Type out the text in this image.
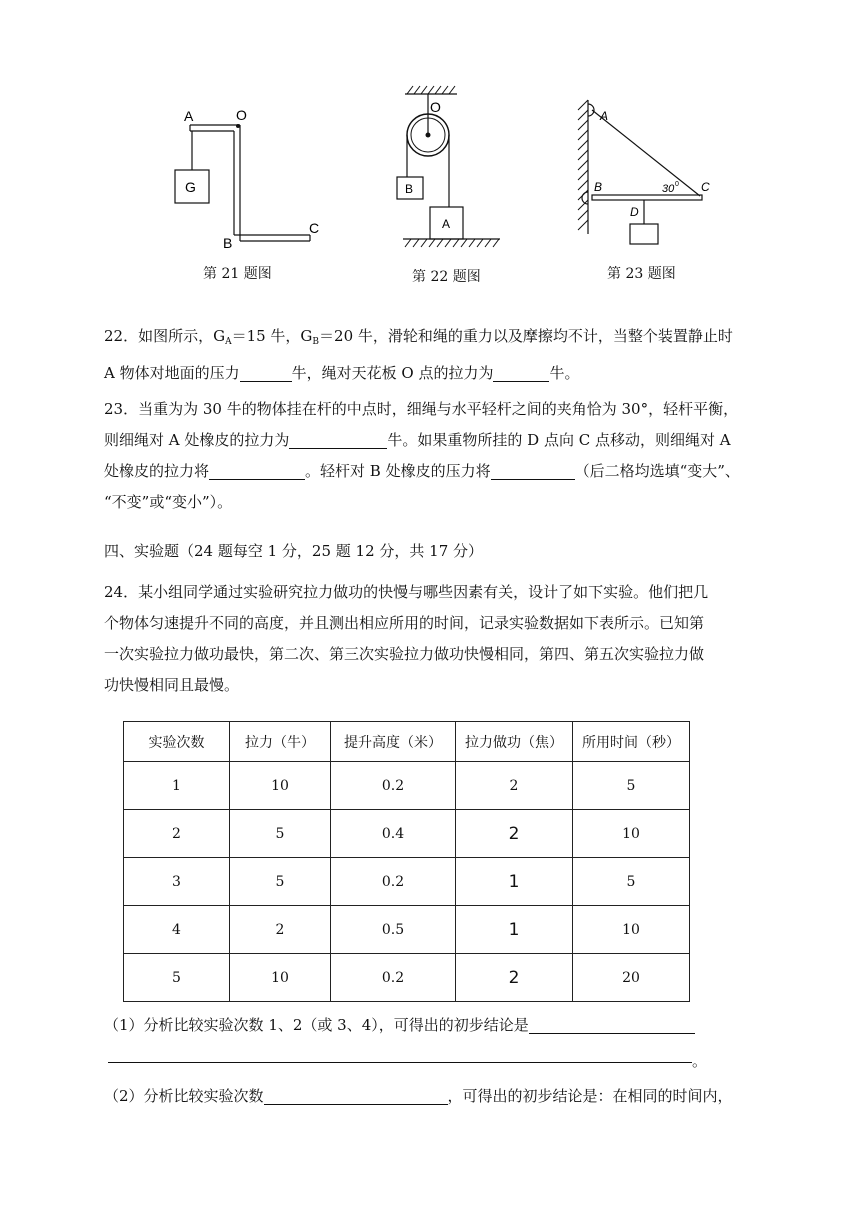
A	O
G
B
C
第 21 题图
O
B
A
第 22 题图
A
B	30 0 C
D
第 23 题图
22．如图所示，$G_A=15$ 牛，$G_B=20$ 牛，滑轮和绳的重力以及摩擦均不计，当整个装置静止时
A 物体对地面的压力	牛，绳对天花板 O 点的拉力为	牛。
23．当重为为 30 牛的物体挂在杆的中点时，细绳与水平轻杆之间的夹角恰为 30°，轻杆平衡，
则细绳对 A 处橡皮的拉力为	牛。如果重物所挂的 D 点向 C 点移动，则细绳对 A
处橡皮的拉力将	。轻杆对 B 处橡皮的压力将	（后二格均选填“变大”、
“不变”或“变小”）。
四、实验题（24 题每空 1 分，25 题 12 分，共 17 分）
24．某小组同学通过实验研究拉力做功的快慢与哪些因素有关，设计了如下实验。他们把几
个物体匀速提升不同的高度，并且测出相应所用的时间，记录实验数据如下表所示。已知第
一次实验拉力做功最快，第二次、第三次实验拉力做功快慢相同，第四、第五次实验拉力做
功快慢相同且最慢。
实验次数	拉力（牛）	提升高度（米）	拉力做功（焦）	所用时间（秒）
1	10	0.2	2	5
2	5	0.4	2	10
3	5	0.2	1	5
4	2	0.5	1	10
5	10	0.2	2	20
（1）分析比较实验次数 1、2（或 3、4），可得出的初步结论是
。
（2）分析比较实验次数	，可得出的初步结论是：在相同的时间内，
